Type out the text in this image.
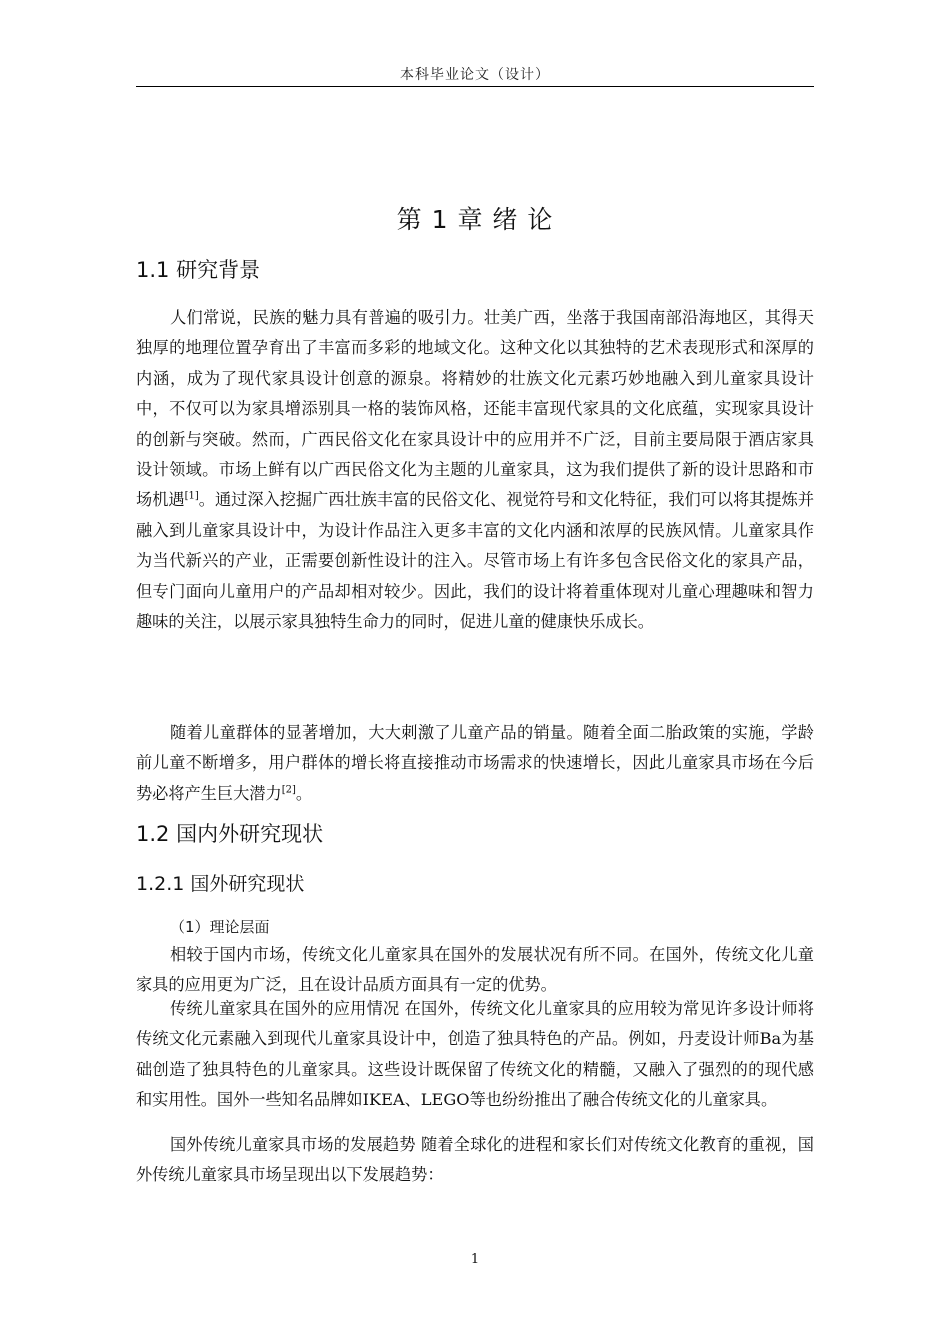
本科毕业论文（设计）
第 1 章 绪 论
1.1 研究背景

人们常说，民族的魅力具有普遍的吸引力。壮美广西，坐落于我国南部沿海地区，其得天独厚的地理位置孕育出了丰富而多彩的地域文化。这种文化以其独特的艺术表现形式和深厚的内涵，成为了现代家具设计创意的源泉。将精妙的壮族文化元素巧妙地融入到儿童家具设计中，不仅可以为家具增添别具一格的装饰风格，还能丰富现代家具的文化底蕴，实现家具设计的创新与突破。然而，广西民俗文化在家具设计中的应用并不广泛，目前主要局限于酒店家具设计领域。市场上鲜有以广西民俗文化为主题的儿童家具，这为我们提供了新的设计思路和市场机遇[1]。通过深入挖掘广西壮族丰富的民俗文化、视觉符号和文化特征，我们可以将其提炼并融入到儿童家具设计中，为设计作品注入更多丰富的文化内涵和浓厚的民族风情。儿童家具作为当代新兴的产业，正需要创新性设计的注入。尽管市场上有许多包含民俗文化的家具产品，但专门面向儿童用户的产品却相对较少。因此，我们的设计将着重体现对儿童心理趣味和智力趣味的关注，以展示家具独特生命力的同时，促进儿童的健康快乐成长。

随着儿童群体的显著增加，大大刺激了儿童产品的销量。随着全面二胎政策的实施，学龄前儿童不断增多，用户群体的增长将直接推动市场需求的快速增长，因此儿童家具市场在今后势必将产生巨大潜力[2]。

1.2 国内外研究现状
1.2.1 国外研究现状
（1）理论层面

相较于国内市场，传统文化儿童家具在国外的发展状况有所不同。在国外，传统文化儿童家具的应用更为广泛，且在设计品质方面具有一定的优势。

传统儿童家具在国外的应用情况 在国外，传统文化儿童家具的应用较为常见许多设计师将传统文化元素融入到现代儿童家具设计中，创造了独具特色的产品。例如，丹麦设计师Ba为基础创造了独具特色的儿童家具。这些设计既保留了传统文化的精髓，又融入了强烈的的现代感和实用性。国外一些知名品牌如IKEA、LEGO等也纷纷推出了融合传统文化的儿童家具。

国外传统儿童家具市场的发展趋势 随着全球化的进程和家长们对传统文化教育的重视，国外传统儿童家具市场呈现出以下发展趋势：

1
